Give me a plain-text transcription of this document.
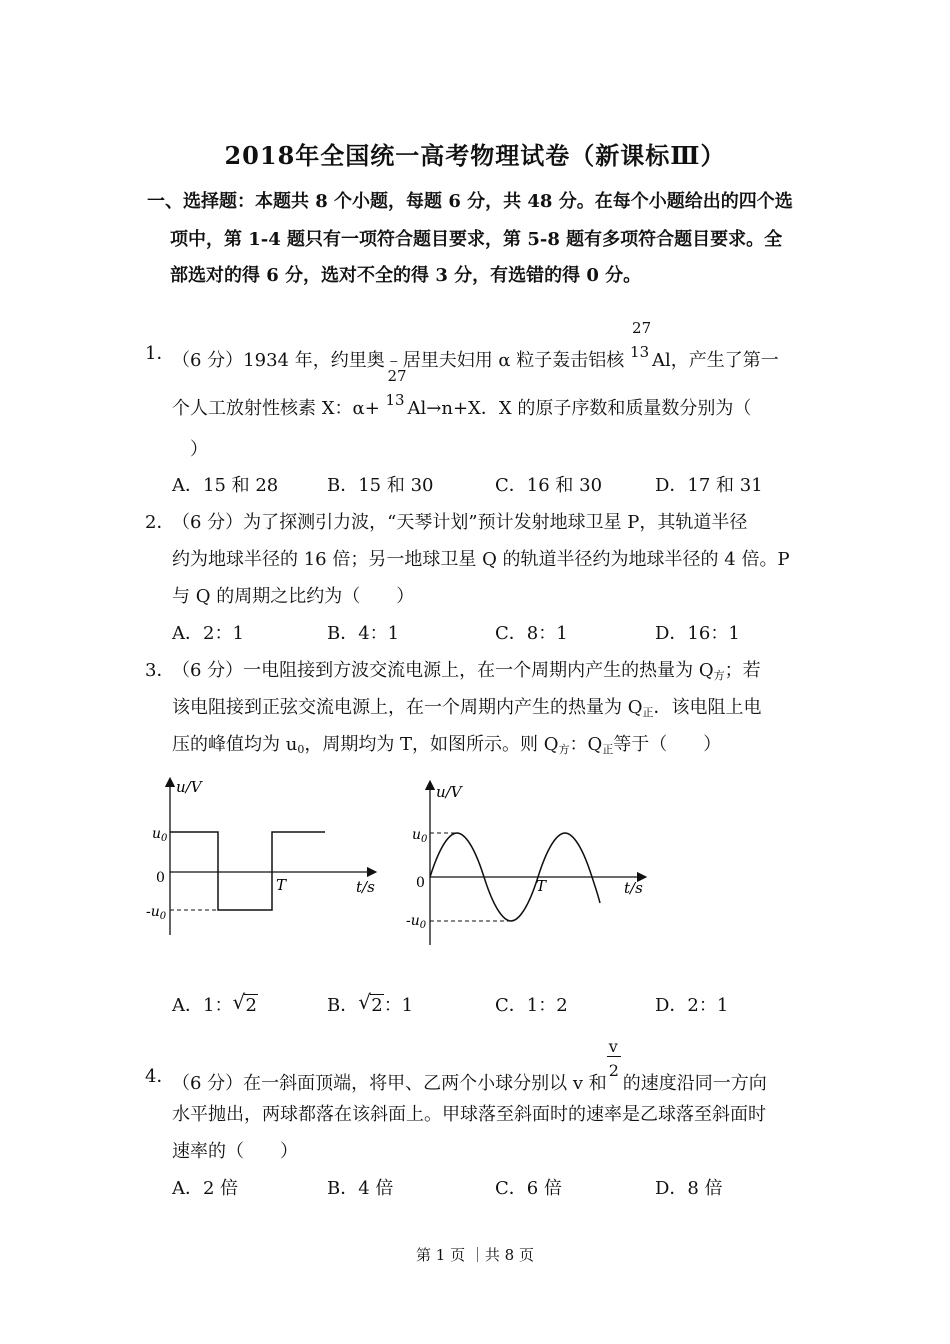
2018年全国统一高考物理试卷（新课标Ⅲ）
一、选择题：本题共 8 个小题，每题 6 分，共 48 分。在每个小题给出的四个选
项中，第 1-4 题只有一项符合题目要求，第 5-8 题有多项符合题目要求。全
部选对的得 6 分，选对不全的得 3 分，有选错的得 0 分。
1．
（6 分）1934 年，约里奥﹣居里夫妇用 α 粒子轰击铝核
27
13 Al，产生了第一
个人工放射性核素 X：α+
27
13 Al→n+X．X 的原子序数和质量数分别为（
）
A．15 和 28	B．15 和 30	C．16 和 30	D．17 和 31
2．
（6 分）为了探测引力波，“天琴计划”预计发射地球卫星 P，其轨道半径
约为地球半径的 16 倍；另一地球卫星 Q 的轨道半径约为地球半径的 4 倍。P
与 Q 的周期之比约为（　　）
A．2：1	B．4：1	C．8：1	D．16：1
3．
（6 分）一电阻接到方波交流电源上，在一个周期内产生的热量为 $Q_方$；若
该电阻接到正弦交流电源上，在一个周期内产生的热量为 $Q_正$．该电阻上电
压的峰值均为 $u_0$，周期均为 T，如图所示。则 $Q_方$：$Q_正$等于（　　）
u/V
$u_0$
0
$-u_0$
T	t/s
u/V
$u_0$
0
$-u_0$
T	t/s
A．1： √ 2	B． √ 2：1	C．1：2	D．2：1
4．
（6 分）在一斜面顶端，将甲、乙两个小球分别以 v 和 $\frac{v}{2}$ 的速度沿同一方向
水平抛出，两球都落在该斜面上。甲球落至斜面时的速率是乙球落至斜面时
速率的（　　）
A．2 倍	B．4 倍	C．6 倍	D．8 倍
第 1 页 ｜共 8 页
